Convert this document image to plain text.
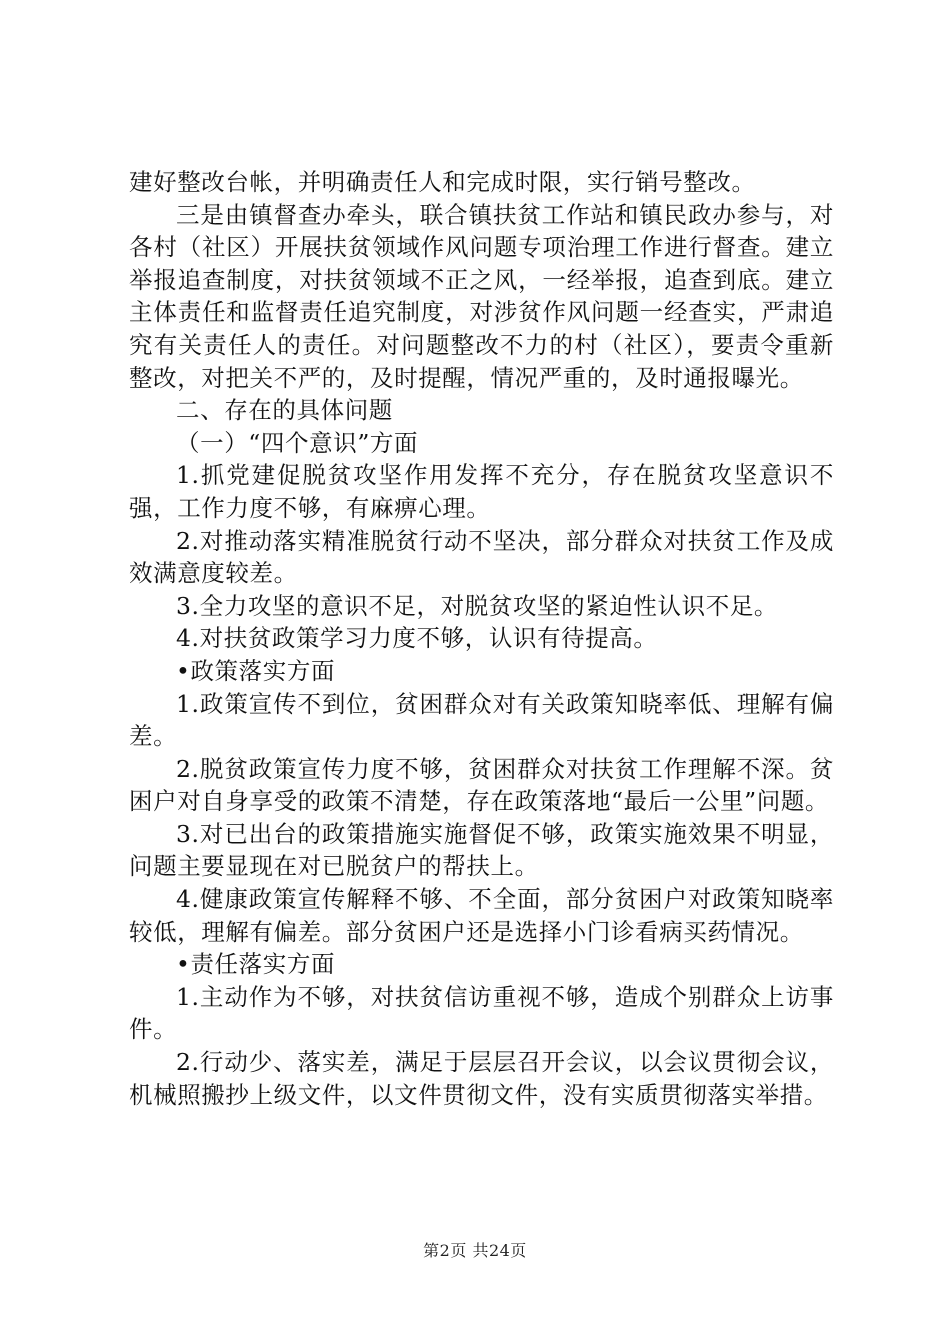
建好整改台帐，并明确责任人和完成时限，实行销号整改。

三是由镇督查办牵头，联合镇扶贫工作站和镇民政办参与，对各村（社区）开展扶贫领域作风问题专项治理工作进行督查。建立举报追查制度，对扶贫领域不正之风，一经举报，追查到底。建立主体责任和监督责任追究制度，对涉贫作风问题一经查实，严肃追究有关责任人的责任。对问题整改不力的村（社区），要责令重新整改，对把关不严的，及时提醒，情况严重的，及时通报曝光。

二、存在的具体问题

（一）“四个意识”方面

1.抓党建促脱贫攻坚作用发挥不充分，存在脱贫攻坚意识不强，工作力度不够，有麻痹心理。

2.对推动落实精准脱贫行动不坚决，部分群众对扶贫工作及成效满意度较差。

3.全力攻坚的意识不足，对脱贫攻坚的紧迫性认识不足。

4.对扶贫政策学习力度不够，认识有待提高。

•政策落实方面

1.政策宣传不到位，贫困群众对有关政策知晓率低、理解有偏差。

2.脱贫政策宣传力度不够，贫困群众对扶贫工作理解不深。贫困户对自身享受的政策不清楚，存在政策落地“最后一公里”问题。

3.对已出台的政策措施实施督促不够，政策实施效果不明显，问题主要显现在对已脱贫户的帮扶上。

4.健康政策宣传解释不够、不全面，部分贫困户对政策知晓率较低，理解有偏差。部分贫困户还是选择小门诊看病买药情况。

•责任落实方面

1.主动作为不够，对扶贫信访重视不够，造成个别群众上访事件。

2.行动少、落实差，满足于层层召开会议，以会议贯彻会议，机械照搬抄上级文件，以文件贯彻文件，没有实质贯彻落实举措。

第2页 共24页
